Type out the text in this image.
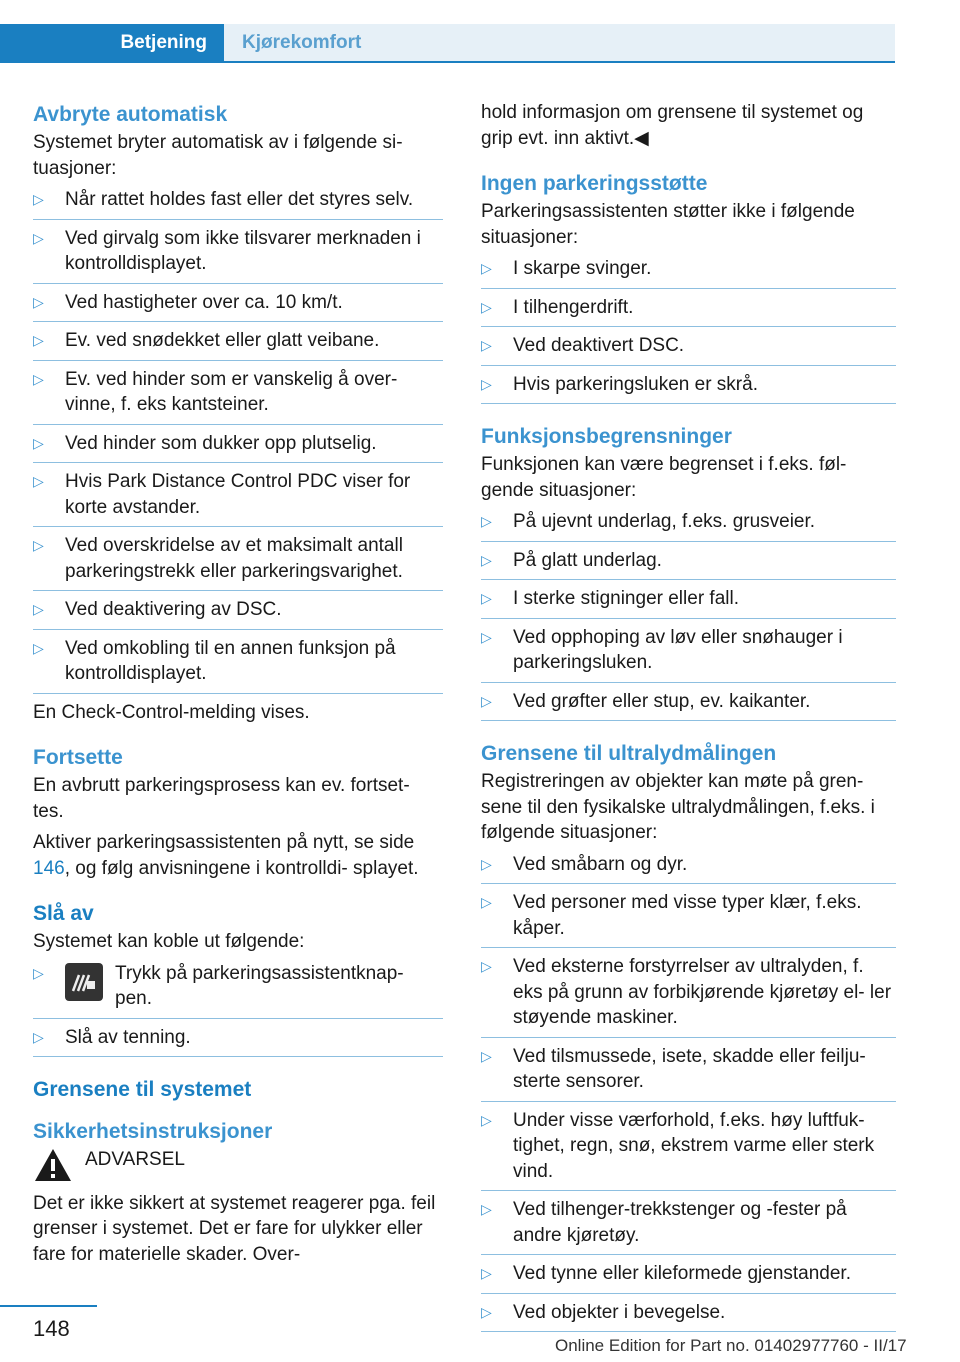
Betjening	Kjørekomfort
Avbryte automatisk

Systemet bryter automatisk av i følgende si‐ tuasjoner:

▷ Når rattet holdes fast eller det styres selv.
▷ Ved girvalg som ikke tilsvarer merknaden i kontrolldisplayet.
▷ Ved hastigheter over ca. 10 km/t.
▷ Ev. ved snødekket eller glatt veibane.
▷ Ev. ved hinder som er vanskelig å over‐ vinne, f. eks kantsteiner.
▷ Ved hinder som dukker opp plutselig.
▷ Hvis Park Distance Control PDC viser for korte avstander.
▷ Ved overskridelse av et maksimalt antall parkeringstrekk eller parkeringsvarighet.
▷ Ved deaktivering av DSC.
▷ Ved omkobling til en annen funksjon på kontrolldisplayet.

En Check-Control-melding vises.

Fortsette

En avbrutt parkeringsprosess kan ev. fortset‐ tes.

Aktiver parkeringsassistenten på nytt, se side 146, og følg anvisningene i kontrolldi‐ splayet.

Slå av

Systemet kan koble ut følgende:

▷	Trykk på parkeringsassistentknap‐ pen.
▷ Slå av tenning.
Grensene til systemet
Sikkerhetsinstruksjoner
ADVARSEL

Det er ikke sikkert at systemet reagerer pga. feil grenser i systemet. Det er fare for ulykker eller fare for materielle skader. Over‐

hold informasjon om grensene til systemet og grip evt. inn aktivt.◀

Ingen parkeringsstøtte

Parkeringsassistenten støtter ikke i følgende situasjoner:

▷ I skarpe svinger.
▷ I tilhengerdrift.
▷ Ved deaktivert DSC.
▷ Hvis parkeringsluken er skrå.
Funksjonsbegrensninger

Funksjonen kan være begrenset i f.eks. føl‐ gende situasjoner:

▷ På ujevnt underlag, f.eks. grusveier.
▷ På glatt underlag.
▷ I sterke stigninger eller fall.
▷ Ved opphoping av løv eller snøhauger i parkeringsluken.
▷ Ved grøfter eller stup, ev. kaikanter.
Grensene til ultralydmålingen

Registreringen av objekter kan møte på gren‐ sene til den fysikalske ultralydmålingen, f.eks. i følgende situasjoner:

▷ Ved småbarn og dyr.
▷ Ved personer med visse typer klær, f.eks. kåper.
▷ Ved eksterne forstyrrelser av ultralyden, f. eks på grunn av forbikjørende kjøretøy el‐ ler støyende maskiner.
▷ Ved tilsmussede, isete, skadde eller feilju‐ sterte sensorer.
▷ Under visse værforhold, f.eks. høy luftfuk‐ tighet, regn, snø, ekstrem varme eller sterk vind.
▷ Ved tilhenger-trekkstenger og -fester på andre kjøretøy.
▷ Ved tynne eller kileformede gjenstander.
▷ Ved objekter i bevegelse.
148
Online Edition for Part no. 01402977760 - II/17
